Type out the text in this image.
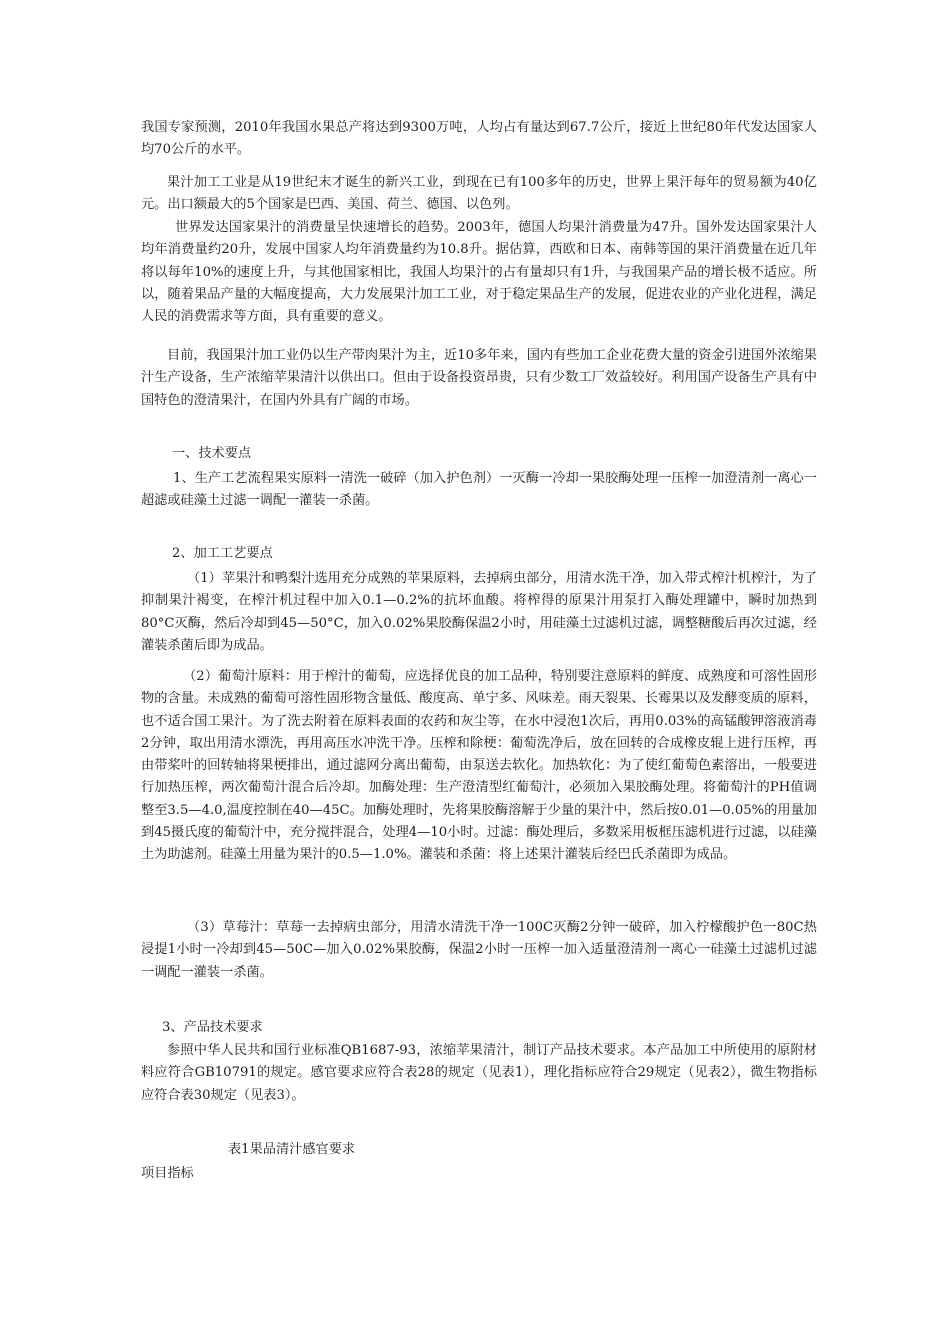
我国专家预测，2010年我国水果总产将达到9300万吨，人均占有量达到67.7公斤，接近上世纪80年代发达国家人均70公斤的水平。

果汁加工工业是从19世纪末才诞生的新兴工业，到现在已有100多年的历史，世界上果汗每年的贸易额为40亿元。出口额最大的5个国家是巴西、美国、荷兰、德国、以色列。

世界发达国家果汁的消费量呈快速增长的趋势。2003年，德国人均果汁消费量为47升。国外发达国家果汁人均年消费量约20升，发展中国家人均年消费量约为10.8升。据估算，西欧和日本、南韩等国的果汗消费量在近几年将以每年10%的速度上升，与其他国家相比，我国人均果汁的占有量却只有1升，与我国果产品的增长极不适应。所以，随着果品产量的大幅度提高，大力发展果汁加工工业，对于稳定果品生产的发展，促进农业的产业化进程，满足人民的消费需求等方面，具有重要的意义。

目前，我国果汁加工业仍以生产带肉果汁为主，近10多年来，国内有些加工企业花费大量的资金引进国外浓缩果汁生产设备，生产浓缩苹果清汁以供出口。但由于设备投资昂贵，只有少数工厂效益较好。利用国产设备生产具有中国特色的澄清果汁，在国内外具有广阔的市场。

一、技术要点

1、生产工艺流程果实原料一清洗一破碎（加入护色剂）一灭酶一冷却一果胶酶处理一压榨一加澄清剂一离心一超滤或硅藻土过滤一调配一灌装一杀菌。

2、加工工艺要点

（1）苹果汁和鸭梨汁选用充分成熟的苹果原料，去掉病虫部分，用清水洗干净，加入带式榨汁机榨汁，为了抑制果汁褐变，在榨汁机过程中加入0.1—0.2%的抗坏血酸。将榨得的原果汁用泵打入酶处理罐中，瞬时加热到80°C灭酶，然后冷却到45—50°C，加入0.02%果胶酶保温2小时，用硅藻土过滤机过滤，调整糖酸后再次过滤，经灌装杀菌后即为成品。

（2）葡萄汁原料：用于榨汁的葡萄，应选择优良的加工品种，特别要注意原料的鲜度、成熟度和可溶性固形物的含量。未成熟的葡萄可溶性固形物含量低、酸度高、单宁多、风味差。雨天裂果、长霉果以及发酵变质的原料，也不适合国工果汁。为了洗去附着在原料表面的农药和灰尘等，在水中浸泡1次后，再用0.03%的高锰酸钾溶液消毒2分钟，取出用清水漂洗，再用高压水冲洗干净。压榨和除梗：葡萄洗净后，放在回转的合成橡皮辊上进行压榨，再由带桨叶的回转轴将果梗排出，通过滤网分离出葡萄，由泵送去软化。加热软化：为了使红葡萄色素溶出，一般要进行加热压榨，两次葡萄汁混合后冷却。加酶处理：生产澄清型红葡萄汁，必须加入果胶酶处理。将葡萄汁的PH值调整至3.5—4.0,温度控制在40—45C。加酶处理时，先将果胶酶溶解于少量的果汁中，然后按0.01—0.05%的用量加到45摄氏度的葡萄汁中，充分搅拌混合，处理4—10小时。过滤：酶处理后，多数采用板框压滤机进行过滤，以硅藻土为助滤剂。硅藻土用量为果汁的0.5—1.0%。灌装和杀菌：将上述果汁灌装后经巴氏杀菌即为成品。

（3）草莓汁：草莓一去掉病虫部分，用清水清洗干净一100C灭酶2分钟一破碎，加入柠檬酸护色一80C热浸提1小时一冷却到45—50C—加入0.02%果胶酶，保温2小时一压榨一加入适量澄清剂一离心一硅藻土过滤机过滤一调配一灌装一杀菌。

3、产品技术要求

参照中华人民共和国行业标准QB1687-93，浓缩苹果清汁，制订产品技术要求。本产品加工中所使用的原附材料应符合GB10791的规定。感官要求应符合表28的规定（见表1），理化指标应符合29规定（见表2），微生物指标应符合表30规定（见表3）。

表1果品清汁感官要求

项目指标
